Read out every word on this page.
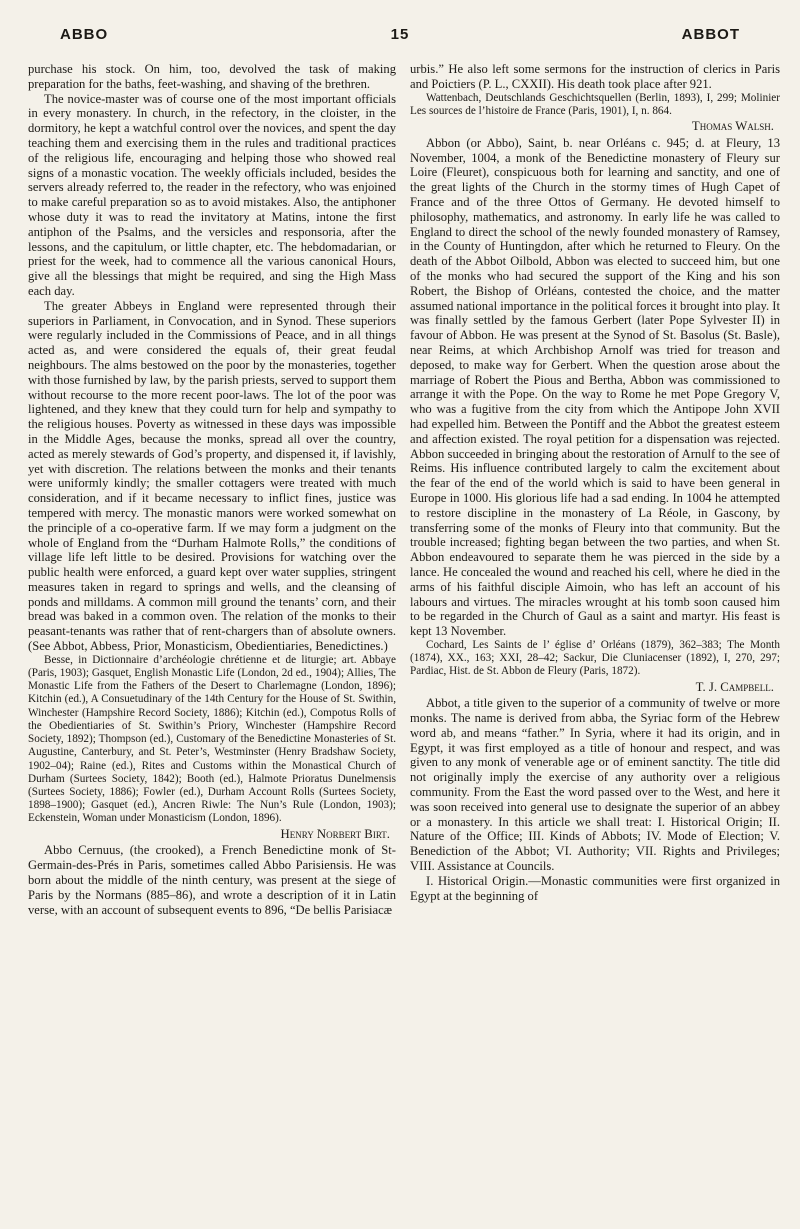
ABBO	15	ABBOT

purchase his stock. On him, too, devolved the task of making preparation for the baths, feet-washing, and shaving of the brethren.

The novice-master was of course one of the most important officials in every monastery. In church, in the refectory, in the cloister, in the dormitory, he kept a watchful control over the novices, and spent the day teaching them and exercising them in the rules and traditional practices of the religious life, encouraging and helping those who showed real signs of a monastic vocation. The weekly officials included, besides the servers already referred to, the reader in the refectory, who was enjoined to make careful preparation so as to avoid mistakes. Also, the antiphoner whose duty it was to read the invitatory at Matins, intone the first antiphon of the Psalms, and the versicles and responsoria, after the lessons, and the capitulum, or little chapter, etc. The hebdomadarian, or priest for the week, had to commence all the various canonical Hours, give all the blessings that might be required, and sing the High Mass each day.

The greater Abbeys in England were represented through their superiors in Parliament, in Convocation, and in Synod. These superiors were regularly included in the Commissions of Peace, and in all things acted as, and were considered the equals of, their great feudal neighbours. The alms bestowed on the poor by the monasteries, together with those furnished by law, by the parish priests, served to support them without recourse to the more recent poor-laws. The lot of the poor was lightened, and they knew that they could turn for help and sympathy to the religious houses. Poverty as witnessed in these days was impossible in the Middle Ages, because the monks, spread all over the country, acted as merely stewards of God’s property, and dispensed it, if lavishly, yet with discretion. The relations between the monks and their tenants were uniformly kindly; the smaller cottagers were treated with much consideration, and if it became necessary to inflict fines, justice was tempered with mercy. The monastic manors were worked somewhat on the principle of a co-operative farm. If we may form a judgment on the whole of England from the “Durham Halmote Rolls,” the conditions of village life left little to be desired. Provisions for watching over the public health were enforced, a guard kept over water supplies, stringent measures taken in regard to springs and wells, and the cleansing of ponds and milldams. A common mill ground the tenants’ corn, and their bread was baked in a common oven. The relation of the monks to their peasant-tenants was rather that of rent-chargers than of absolute owners. (See Abbot, Abbess, Prior, Monasticism, Obedientiaries, Benedictines.)

Besse, in Dictionnaire d’archéologie chrétienne et de liturgie; art. Abbaye (Paris, 1903); Gasquet, English Monastic Life (London, 2d ed., 1904); Allies, The Monastic Life from the Fathers of the Desert to Charlemagne (London, 1896); Kitchin (ed.), A Consuetudinary of the 14th Century for the House of St. Swithin, Winchester (Hampshire Record Society, 1886); Kitchin (ed.), Compotus Rolls of the Obedientiaries of St. Swithin’s Priory, Winchester (Hampshire Record Society, 1892); Thompson (ed.), Customary of the Benedictine Monasteries of St. Augustine, Canterbury, and St. Peter’s, Westminster (Henry Bradshaw Society, 1902–04); Raine (ed.), Rites and Customs within the Monastical Church of Durham (Surtees Society, 1842); Booth (ed.), Halmote Prioratus Dunelmensis (Surtees Society, 1886); Fowler (ed.), Durham Account Rolls (Surtees Society, 1898–1900); Gasquet (ed.), Ancren Riwle: The Nun’s Rule (London, 1903); Eckenstein, Woman under Monasticism (London, 1896).

Henry Norbert Birt.

Abbo Cernuus, (the crooked), a French Benedictine monk of St-Germain-des-Prés in Paris, sometimes called Abbo Parisiensis. He was born about the middle of the ninth century, was present at the siege of Paris by the Normans (885–86), and wrote a description of it in Latin verse, with an account of subsequent events to 896, “De bellis Parisiacæ

urbis.” He also left some sermons for the instruction of clerics in Paris and Poictiers (P. L., CXXII). His death took place after 921.

Wattenbach, Deutschlands Geschichtsquellen (Berlin, 1893), I, 299; Molinier Les sources de l’histoire de France (Paris, 1901), I, n. 864.

Thomas Walsh.

Abbon (or Abbo), Saint, b. near Orléans c. 945; d. at Fleury, 13 November, 1004, a monk of the Benedictine monastery of Fleury sur Loire (Fleuret), conspicuous both for learning and sanctity, and one of the great lights of the Church in the stormy times of Hugh Capet of France and of the three Ottos of Germany. He devoted himself to philosophy, mathematics, and astronomy. In early life he was called to England to direct the school of the newly founded monastery of Ramsey, in the County of Huntingdon, after which he returned to Fleury. On the death of the Abbot Oilbold, Abbon was elected to succeed him, but one of the monks who had secured the support of the King and his son Robert, the Bishop of Orléans, contested the choice, and the matter assumed national importance in the political forces it brought into play. It was finally settled by the famous Gerbert (later Pope Sylvester II) in favour of Abbon. He was present at the Synod of St. Basolus (St. Basle), near Reims, at which Archbishop Arnolf was tried for treason and deposed, to make way for Gerbert. When the question arose about the marriage of Robert the Pious and Bertha, Abbon was commissioned to arrange it with the Pope. On the way to Rome he met Pope Gregory V, who was a fugitive from the city from which the Antipope John XVII had expelled him. Between the Pontiff and the Abbot the greatest esteem and affection existed. The royal petition for a dispensation was rejected. Abbon succeeded in bringing about the restoration of Arnulf to the see of Reims. His influence contributed largely to calm the excitement about the fear of the end of the world which is said to have been general in Europe in 1000. His glorious life had a sad ending. In 1004 he attempted to restore discipline in the monastery of La Réole, in Gascony, by transferring some of the monks of Fleury into that community. But the trouble increased; fighting began between the two parties, and when St. Abbon endeavoured to separate them he was pierced in the side by a lance. He concealed the wound and reached his cell, where he died in the arms of his faithful disciple Aimoin, who has left an account of his labours and virtues. The miracles wrought at his tomb soon caused him to be regarded in the Church of Gaul as a saint and martyr. His feast is kept 13 November.

Cochard, Les Saints de l’ église d’ Orléans (1879), 362–383; The Month (1874), XX., 163; XXI, 28–42; Sackur, Die Cluniacenser (1892), I, 270, 297; Pardiac, Hist. de St. Abbon de Fleury (Paris, 1872).

T. J. Campbell.

Abbot, a title given to the superior of a community of twelve or more monks. The name is derived from abba, the Syriac form of the Hebrew word ab, and means “father.” In Syria, where it had its origin, and in Egypt, it was first employed as a title of honour and respect, and was given to any monk of venerable age or of eminent sanctity. The title did not originally imply the exercise of any authority over a religious community. From the East the word passed over to the West, and here it was soon received into general use to designate the superior of an abbey or a monastery. In this article we shall treat: I. Historical Origin; II. Nature of the Office; III. Kinds of Abbots; IV. Mode of Election; V. Benediction of the Abbot; VI. Authority; VII. Rights and Privileges; VIII. Assistance at Councils.

I. Historical Origin.—Monastic communities were first organized in Egypt at the beginning of
